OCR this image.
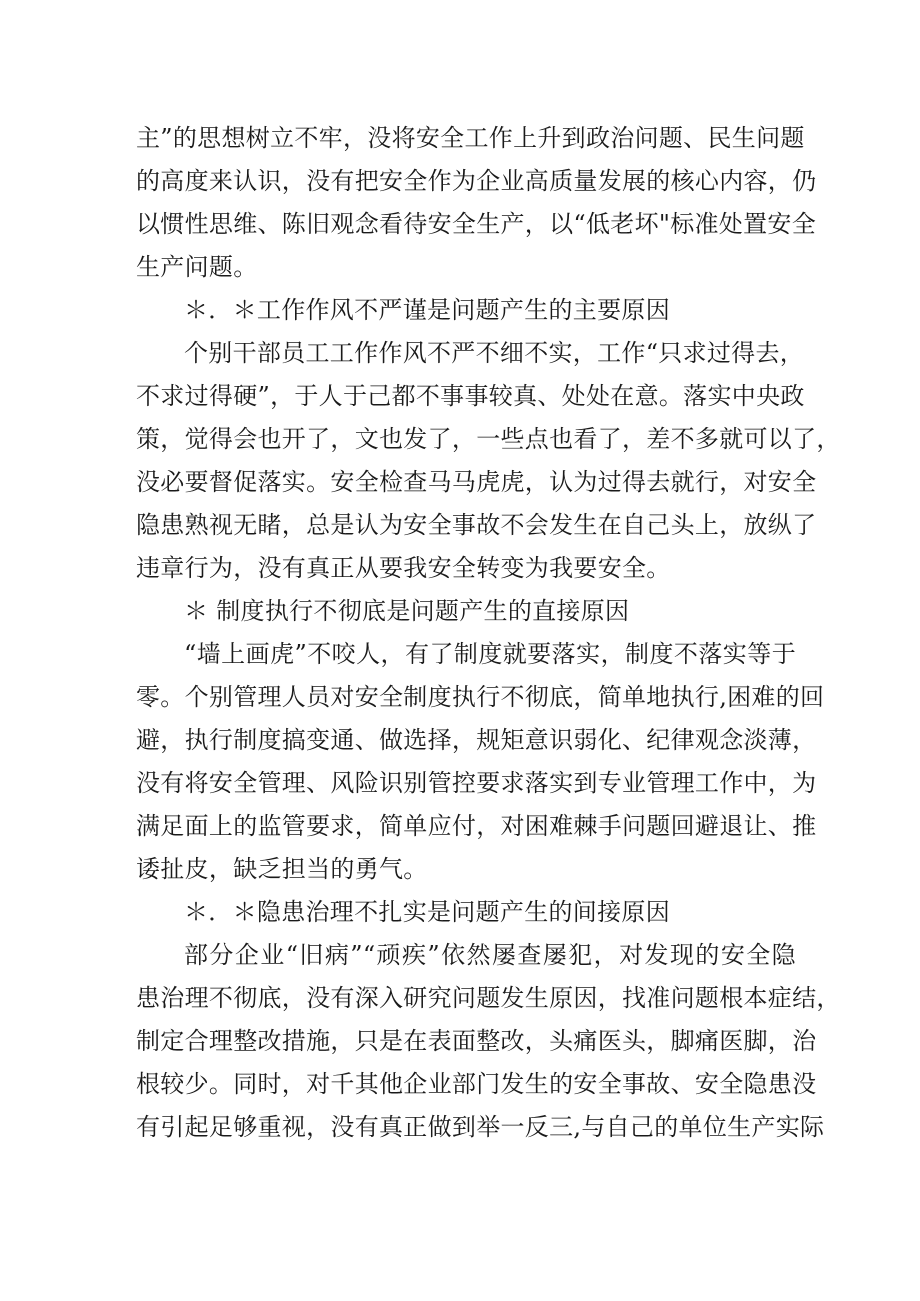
主”的思想树立不牢，没将安全工作上升到政治问题、民生问题
的高度来认识，没有把安全作为企业高质量发展的核心内容，仍
以惯性思维、陈旧观念看待安全生产，以“低老坏"标准处置安全
生产问题。
＊．＊工作作风不严谨是问题产生的主要原因
个别干部员工工作作风不严不细不实，工作“只求过得去，
不求过得硬”，于人于己都不事事较真、处处在意。落实中央政
策，觉得会也开了，文也发了，一些点也看了，差不多就可以了，
没必要督促落实。安全检查马马虎虎，认为过得去就行，对安全
隐患熟视无睹，总是认为安全事故不会发生在自己头上，放纵了
违章行为，没有真正从要我安全转变为我要安全。
＊ 制度执行不彻底是问题产生的直接原因
“墙上画虎”不咬人，有了制度就要落实，制度不落实等于
零。个别管理人员对安全制度执行不彻底，简单地执行,困难的回
避，执行制度搞变通、做选择，规矩意识弱化、纪律观念淡薄，
没有将安全管理、风险识别管控要求落实到专业管理工作中，为
满足面上的监管要求，简单应付，对困难棘手问题回避退让、推
诿扯皮，缺乏担当的勇气。
＊．＊隐患治理不扎实是问题产生的间接原因
部分企业“旧病”“顽疾”依然屡查屡犯，对发现的安全隐
患治理不彻底，没有深入研究问题发生原因，找准问题根本症结，
制定合理整改措施，只是在表面整改，头痛医头，脚痛医脚，治
根较少。同时，对千其他企业部门发生的安全事故、安全隐患没
有引起足够重视，没有真正做到举一反三,与自己的单位生产实际
